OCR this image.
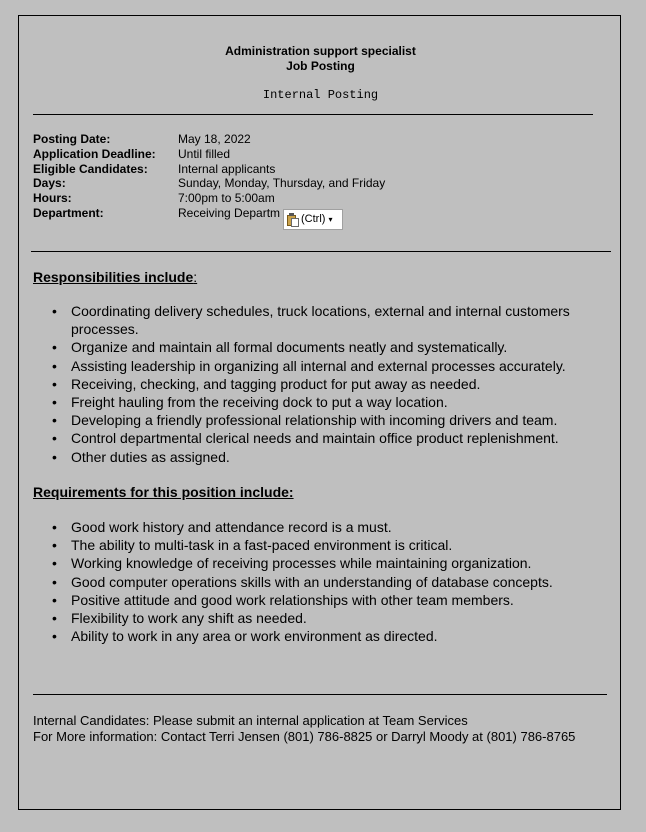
Administration support specialist
Job Posting
Internal Posting
Posting Date:	May 18, 2022
Application Deadline: Until filled
Eligible Candidates:	Internal applicants
Days:	Sunday, Monday, Thursday, and Friday
Hours:	7:00pm to 5:00am
Department:	Receiving Departm	(Ctrl) ▾
Responsibilities include:
• Coordinating delivery schedules, truck locations, external and internal customers processes.
• Organize and maintain all formal documents neatly and systematically.
• Assisting leadership in organizing all internal and external processes accurately.
• Receiving, checking, and tagging product for put away as needed.
• Freight hauling from the receiving dock to put a way location.
• Developing a friendly professional relationship with incoming drivers and team.
• Control departmental clerical needs and maintain office product replenishment.
• Other duties as assigned.
Requirements for this position include:
• Good work history and attendance record is a must.
• The ability to multi-task in a fast-paced environment is critical.
• Working knowledge of receiving processes while maintaining organization.
• Good computer operations skills with an understanding of database concepts.
• Positive attitude and good work relationships with other team members.
• Flexibility to work any shift as needed.
• Ability to work in any area or work environment as directed.
Internal Candidates: Please submit an internal application at Team Services
For More information: Contact Terri Jensen (801) 786-8825 or Darryl Moody at (801) 786-8765
